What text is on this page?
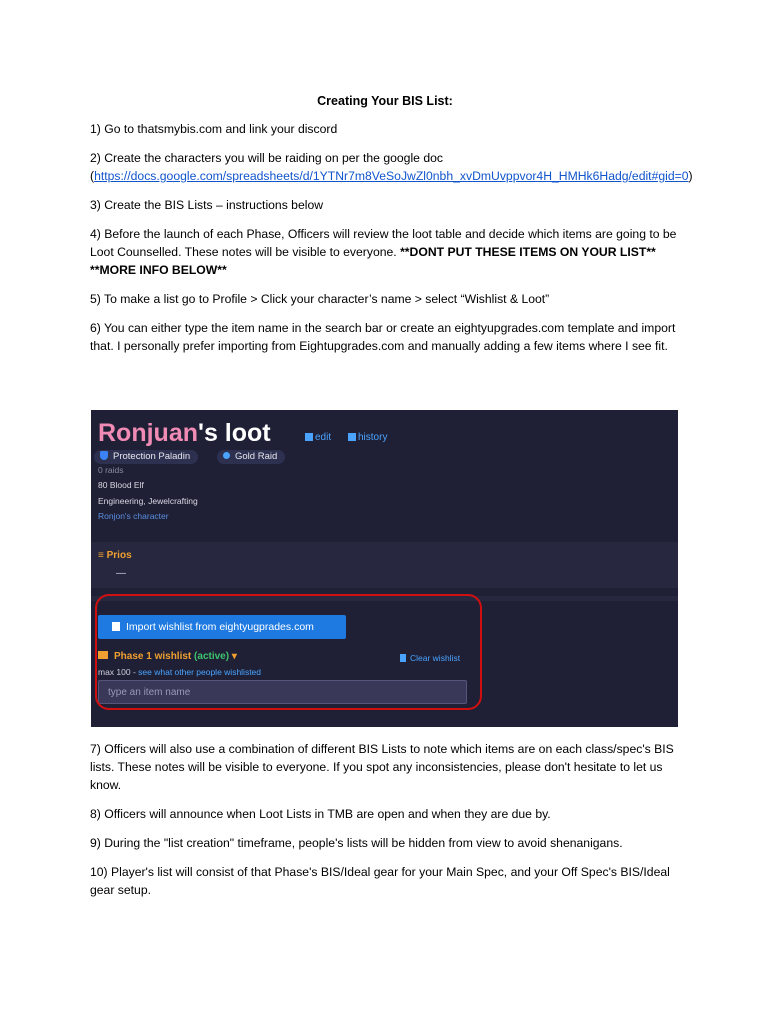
Creating Your BIS List:

1) Go to thatsmybis.com and link your discord

2) Create the characters you will be raiding on per the google doc (https://docs.google.com/spreadsheets/d/1YTNr7m8VeSoJwZl0nbh_xvDmUvppvor4H_HMHk6Hadg/edit#gid=0)

3) Create the BIS Lists – instructions below

4) Before the launch of each Phase, Officers will review the loot table and decide which items are going to be Loot Counselled. These notes will be visible to everyone. **DONT PUT THESE ITEMS ON YOUR LIST** **MORE INFO BELOW**

5) To make a list go to Profile > Click your character’s name > select “Wishlist & Loot”

6) You can either type the item name in the search bar or create an eightyupgrades.com template and import that. I personally prefer importing from Eightupgrades.com and manually adding a few items where I see fit.

Ronjuan's loot	edit	history
Protection Paladin	Gold Raid
0 raids
80 Blood Elf
Engineering, Jewelcrafting
Ronjon's character
≡ Prios
—
Import wishlist from eightyugprades.com
Phase 1 wishlist (active) ▾	Clear wishlist
max 100 - see what other people wishlisted
type an item name

7) Officers will also use a combination of different BIS Lists to note which items are on each class/spec's BIS lists. These notes will be visible to everyone. If you spot any inconsistencies, please don't hesitate to let us know.

8) Officers will announce when Loot Lists in TMB are open and when they are due by.

9) During the "list creation" timeframe, people's lists will be hidden from view to avoid shenanigans.

10) Player's list will consist of that Phase's BIS/Ideal gear for your Main Spec, and your Off Spec's BIS/Ideal gear setup.
